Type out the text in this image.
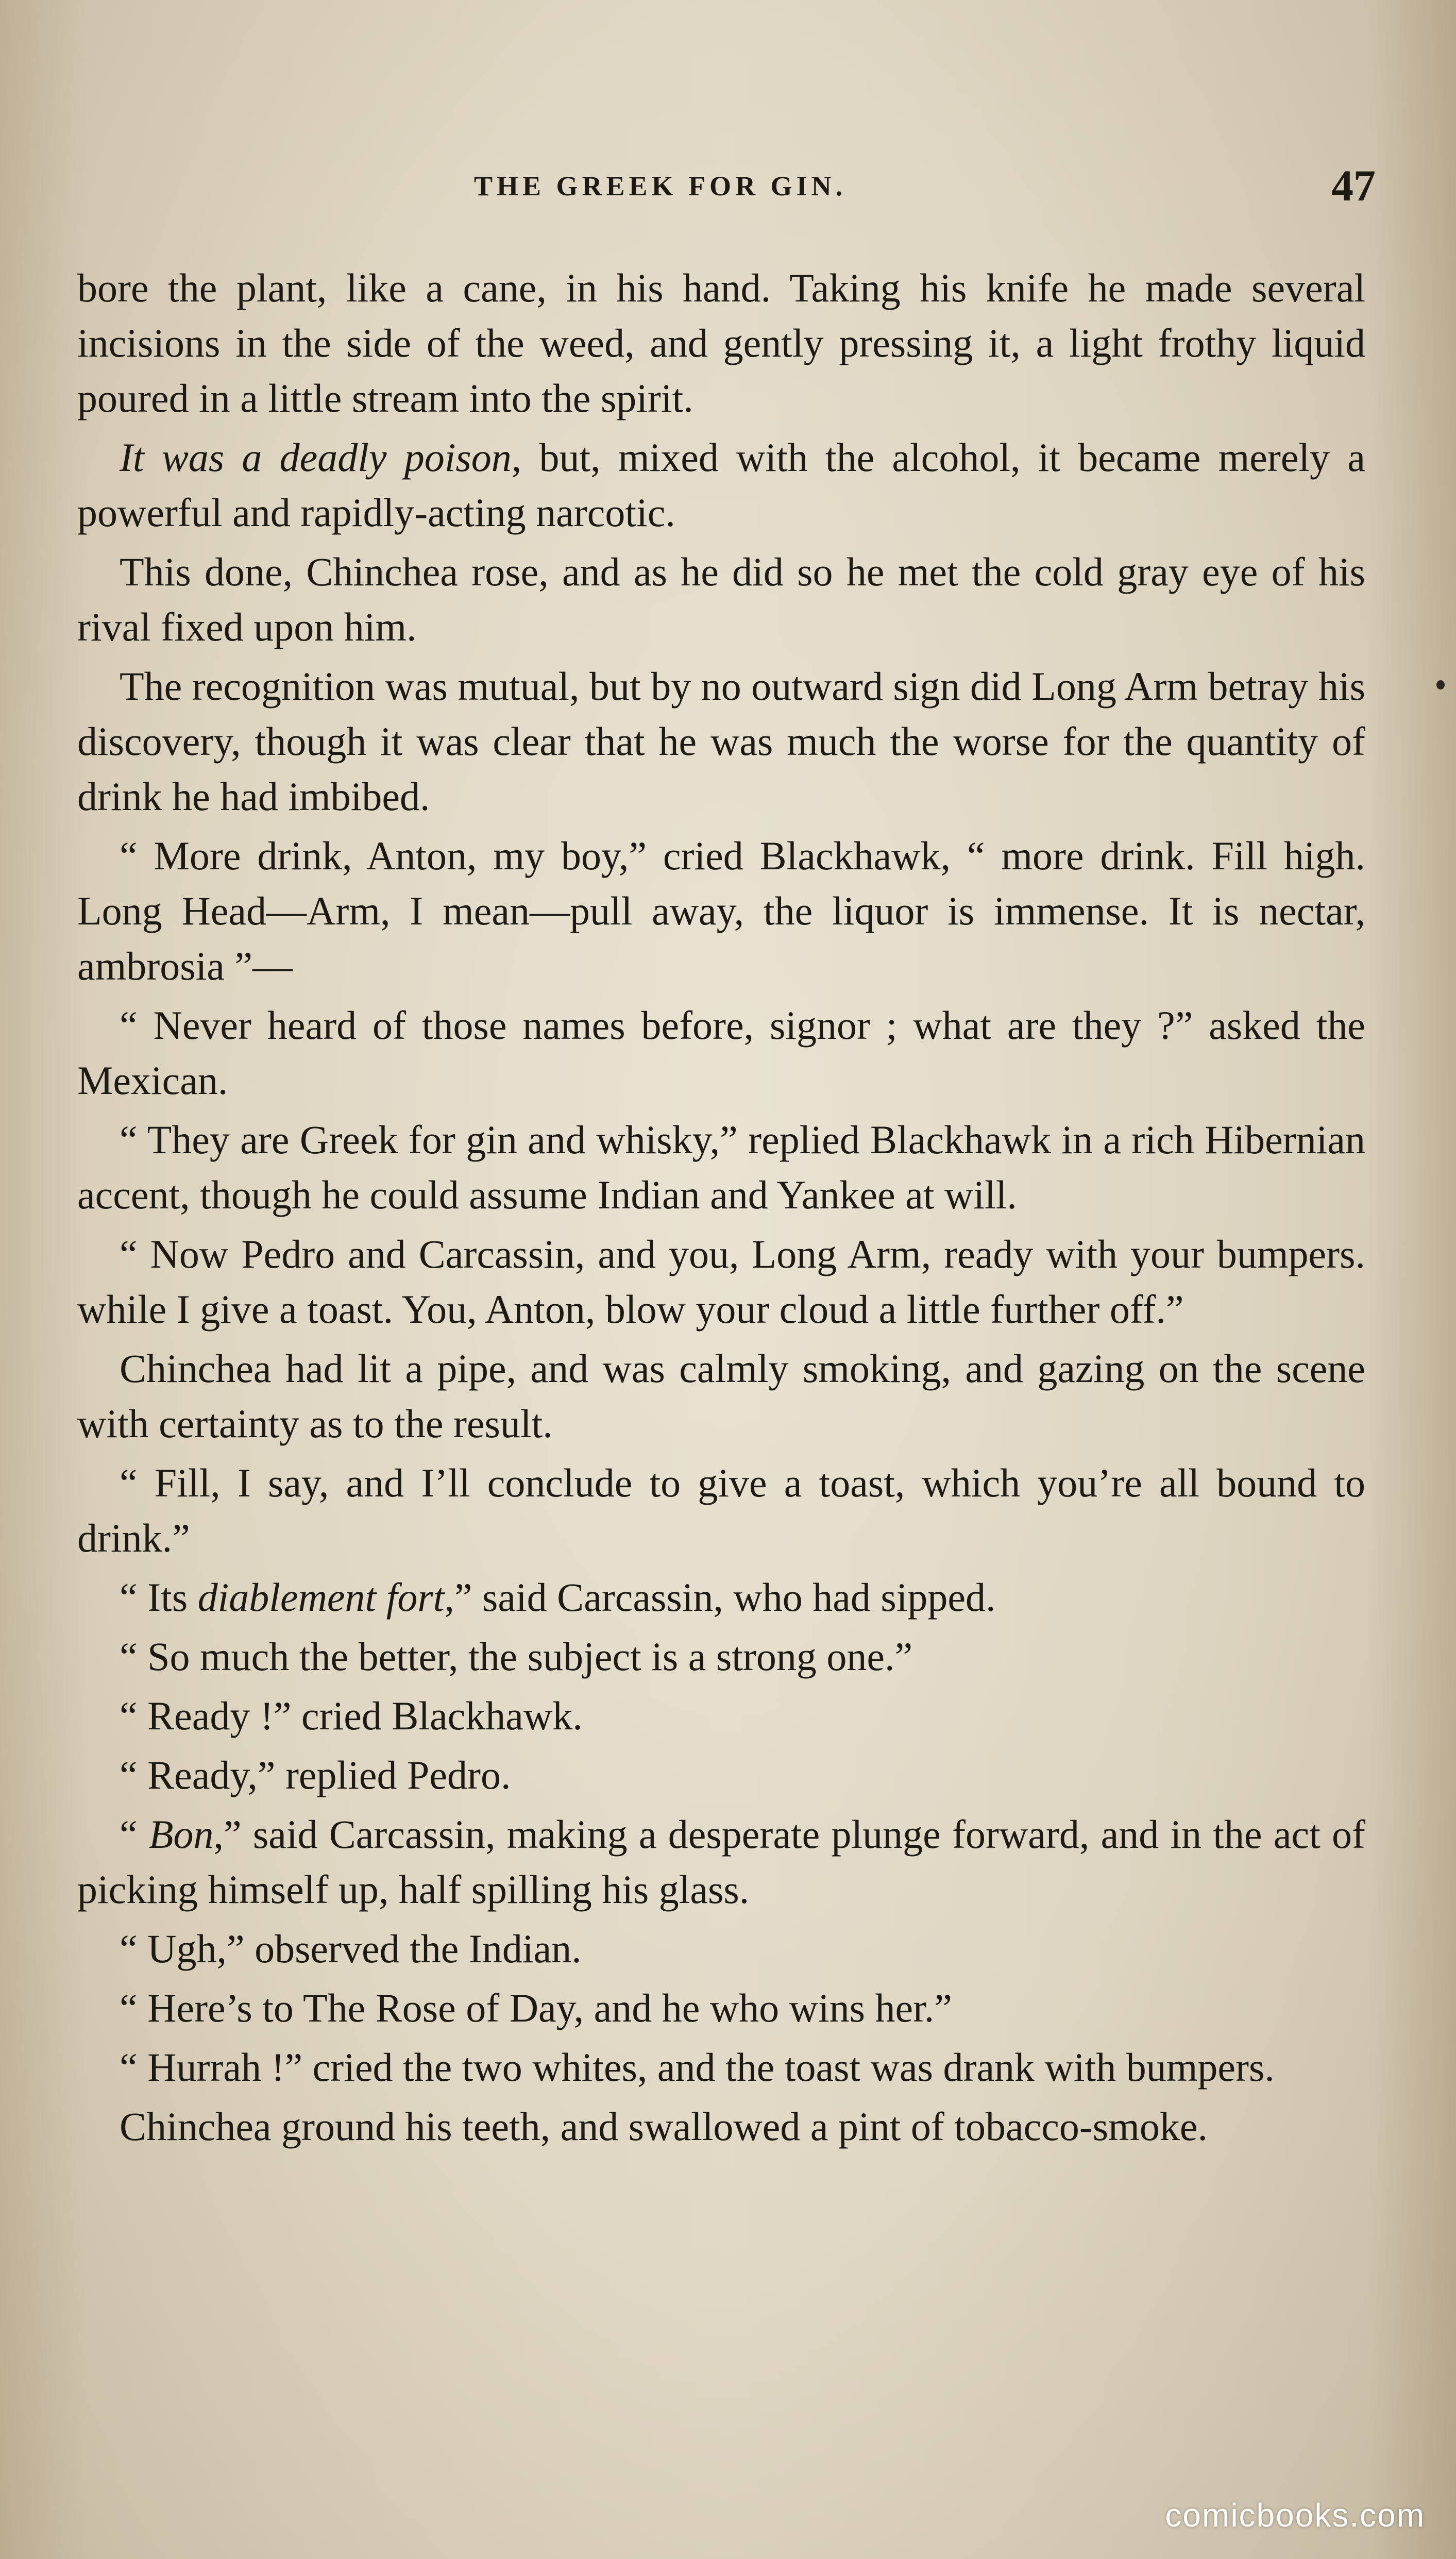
THE GREEK FOR GIN.	47

bore the plant, like a cane, in his hand. Taking his knife he made several incisions in the side of the weed, and gently pressing it, a light frothy liquid poured in a little stream into the spirit.

It was a deadly poison, but, mixed with the alcohol, it became merely a powerful and rapidly-acting narcotic.

This done, Chinchea rose, and as he did so he met the cold gray eye of his rival fixed upon him.

The recognition was mutual, but by no outward sign did Long Arm betray his discovery, though it was clear that he was much the worse for the quantity of drink he had imbibed.

“ More drink, Anton, my boy,” cried Blackhawk, “ more drink. Fill high. Long Head—Arm, I mean—pull away, the liquor is immense. It is nectar, ambrosia ”—

“ Never heard of those names before, signor ; what are they ?” asked the Mexican.

“ They are Greek for gin and whisky,” replied Blackhawk in a rich Hibernian accent, though he could assume Indian and Yankee at will.

“ Now Pedro and Carcassin, and you, Long Arm, ready with your bumpers. while I give a toast. You, Anton, blow your cloud a little further off.”

Chinchea had lit a pipe, and was calmly smoking, and gazing on the scene with certainty as to the result.

“ Fill, I say, and I’ll conclude to give a toast, which you’re all bound to drink.”

“ Its diablement fort,” said Carcassin, who had sipped.

“ So much the better, the subject is a strong one.”

“ Ready !” cried Blackhawk.

“ Ready,” replied Pedro.

“ Bon,” said Carcassin, making a desperate plunge forward, and in the act of picking himself up, half spilling his glass.

“ Ugh,” observed the Indian.

“ Here’s to The Rose of Day, and he who wins her.”

“ Hurrah !” cried the two whites, and the toast was drank with bumpers.

Chinchea ground his teeth, and swallowed a pint of tobacco-smoke.

comicbooks.com
